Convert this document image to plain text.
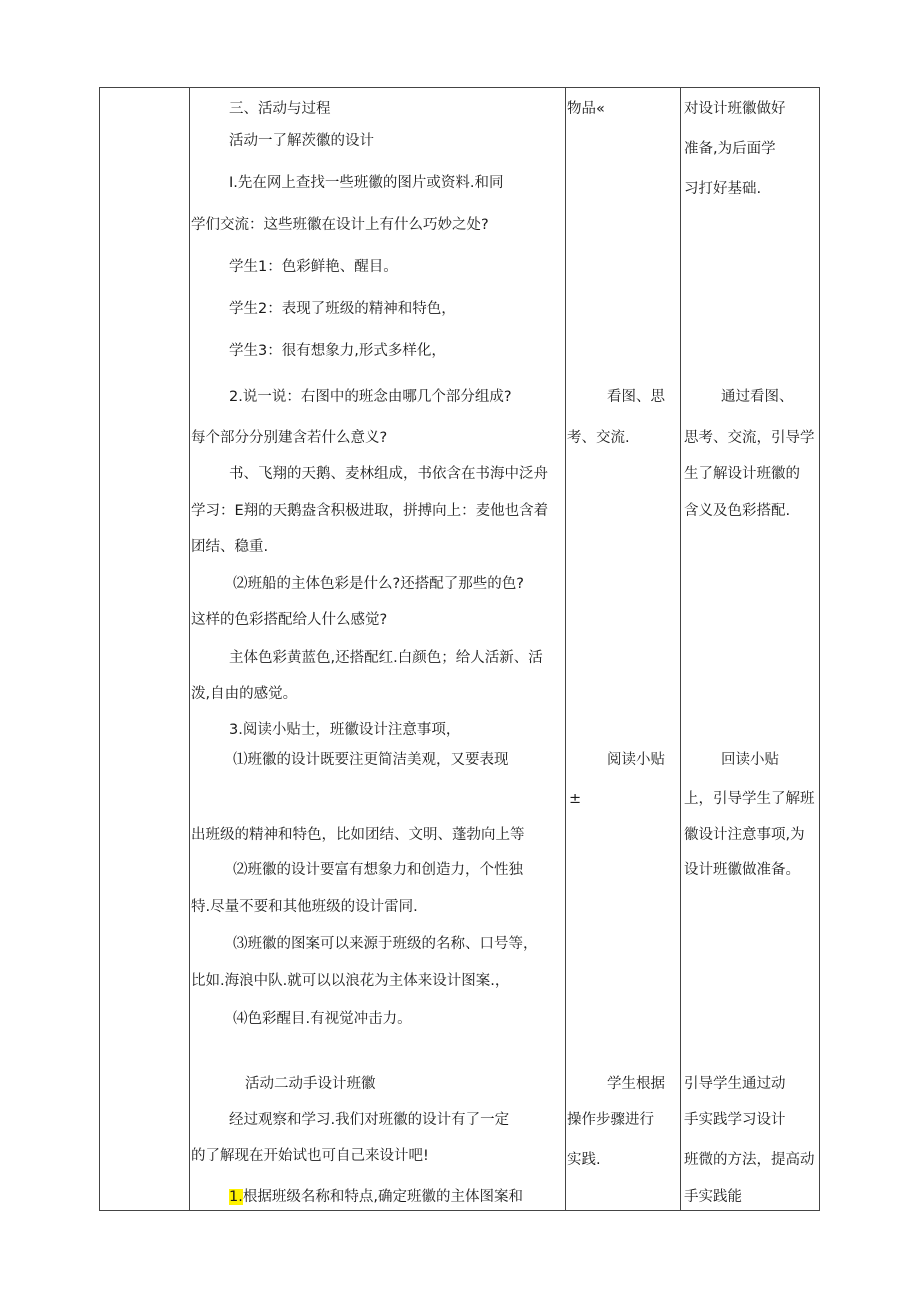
三、活动与过程
活动一了解茨徽的设计
I.先在网上查找一些班徽的图片或资料.和同
学们交流：这些班徽在设计上有什么巧妙之处?
学生1：色彩鲜艳、醒目。
学生2：表现了班级的精神和特色，
学生3：很有想象力,形式多样化，
2.说一说：右图中的班念由哪几个部分组成?
每个部分分别建含若什么意义?
书、飞翔的天鹅、麦林组成，书依含在书海中泛舟
学习：E翔的天鹅盎含积极进取，拼搏向上：麦他也含着
团结、稳重.
⑵班船的主体色彩是什么?还搭配了那些的色?
这样的色彩搭配给人什么感觉?
主体色彩黄蓝色,还搭配红.白颜色；给人活新、活
泼,自由的感觉。
3.阅读小贴士，班徽设计注意事项，
⑴班徽的设计既要注更简洁美观，又要表现
出班级的精神和特色，比如团结、文明、蓬勃向上等
⑵班徽的设计要富有想象力和创造力，个性独
特.尽量不要和其他班级的设计雷同.
⑶班徽的图案可以来源于班级的名称、口号等，
比如.海浪中队.就可以以浪花为主体来设计图案.，
⑷色彩醒目.有视觉冲击力。
活动二动手设计班徽
经过观察和学习.我们对班徽的设计有了一定
的了解现在开始试也可自己来设计吧!
1.根据班级名称和特点,确定班徽的主体图案和
物品«
看图、思
考、交流.
阅读小贴
±
学生根据
操作步骤进行
实践.
对设计班徽做好
准备,为后面学
习打好基础.
通过看图、
思考、交流，引导学
生了解设计班徽的
含义及色彩搭配.
回读小贴
上，引导学生了解班
徽设计注意事项,为
设计班徽做准备。
引导学生通过动
手实践学习设计
班微的方法，提高动
手实践能
